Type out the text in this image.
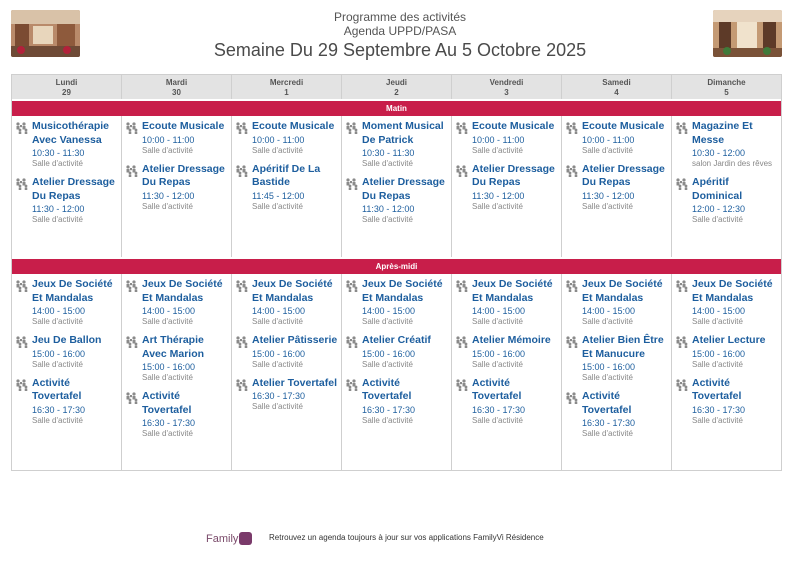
Programme des activités
Agenda UPPD/PASA
Semaine Du 29 Septembre Au 5 Octobre 2025
Lundi
29
Mardi
30
Mercredi
1
Jeudi
2
Vendredi
3
Samedi
4
Dimanche
5
Matin
Musicothérapie Avec Vanessa
10:30 - 11:30
Salle d'activité
Atelier Dressage Du Repas
11:30 - 12:00
Salle d'activité
Ecoute Musicale
10:00 - 11:00
Salle d'activité
Atelier Dressage Du Repas
11:30 - 12:00
Salle d'activité
Ecoute Musicale
10:00 - 11:00
Salle d'activité
Apéritif De La Bastide
11:45 - 12:00
Salle d'activité
Moment Musical De Patrick
10:30 - 11:30
Salle d'activité
Atelier Dressage Du Repas
11:30 - 12:00
Salle d'activité
Ecoute Musicale
10:00 - 11:00
Salle d'activité
Atelier Dressage Du Repas
11:30 - 12:00
Salle d'activité
Ecoute Musicale
10:00 - 11:00
Salle d'activité
Atelier Dressage Du Repas
11:30 - 12:00
Salle d'activité
Magazine Et Messe
10:30 - 12:00
salon Jardin des rêves
Apéritif Dominical
12:00 - 12:30
Salle d'activité
Après-midi
Jeux De Société Et Mandalas
14:00 - 15:00
Salle d'activité
Jeu De Ballon
15:00 - 16:00
Salle d'activité
Activité Tovertafel
16:30 - 17:30
Salle d'activité
Jeux De Société Et Mandalas
14:00 - 15:00
Salle d'activité
Art Thérapie Avec Marion
15:00 - 16:00
Salle d'activité
Activité Tovertafel
16:30 - 17:30
Salle d'activité
Jeux De Société Et Mandalas
14:00 - 15:00
Salle d'activité
Atelier Pâtisserie
15:00 - 16:00
Salle d'activité
Atelier Tovertafel
16:30 - 17:30
Salle d'activité
Jeux De Société Et Mandalas
14:00 - 15:00
Salle d'activité
Atelier Créatif
15:00 - 16:00
Salle d'activité
Activité Tovertafel
16:30 - 17:30
Salle d'activité
Jeux De Société Et Mandalas
14:00 - 15:00
Salle d'activité
Atelier Mémoire
15:00 - 16:00
Salle d'activité
Activité Tovertafel
16:30 - 17:30
Salle d'activité
Jeux De Société Et Mandalas
14:00 - 15:00
Salle d'activité
Atelier Bien Être Et Manucure
15:00 - 16:00
Salle d'activité
Activité Tovertafel
16:30 - 17:30
Salle d'activité
Jeux De Société Et Mandalas
14:00 - 15:00
Salle d'activité
Atelier Lecture
15:00 - 16:00
Salle d'activité
Activité Tovertafel
16:30 - 17:30
Salle d'activité
Family	Retrouvez un agenda toujours à jour sur vos applications FamilyVi Résidence
